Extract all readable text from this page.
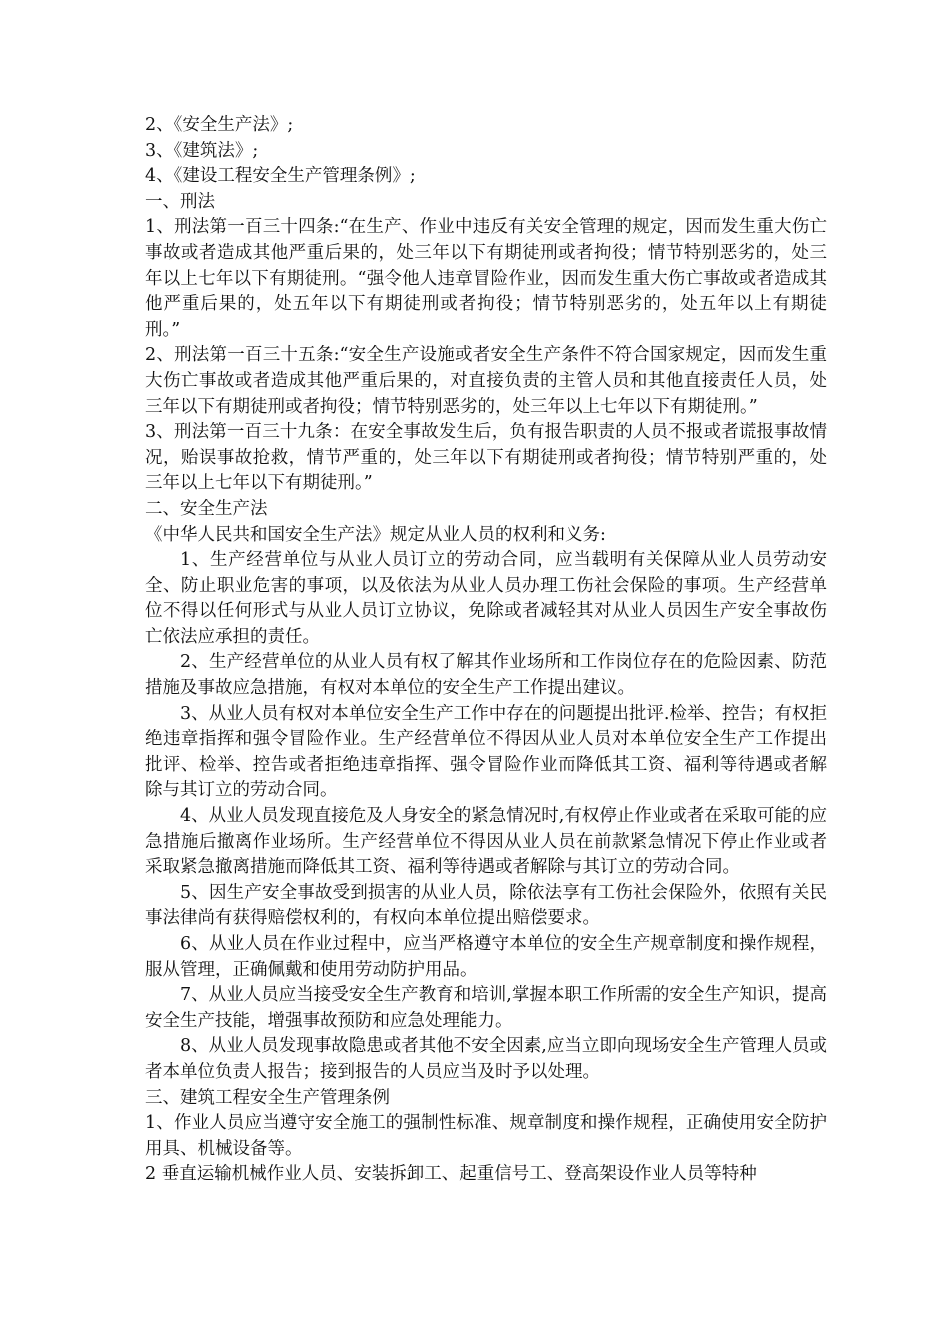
2、《安全生产法》;

3、《建筑法》;

4、《建设工程安全生产管理条例》;

一、刑法

1、刑法第一百三十四条:“在生产、作业中违反有关安全管理的规定，因而发生重大伤亡事故或者造成其他严重后果的，处三年以下有期徒刑或者拘役；情节特别恶劣的，处三年以上七年以下有期徒刑。“强令他人违章冒险作业，因而发生重大伤亡事故或者造成其他严重后果的，处五年以下有期徒刑或者拘役；情节特别恶劣的，处五年以上有期徒刑。”

2、刑法第一百三十五条:“安全生产设施或者安全生产条件不符合国家规定，因而发生重大伤亡事故或者造成其他严重后果的，对直接负责的主管人员和其他直接责任人员，处三年以下有期徒刑或者拘役；情节特别恶劣的，处三年以上七年以下有期徒刑。”

3、刑法第一百三十九条：在安全事故发生后，负有报告职责的人员不报或者谎报事故情况，贻误事故抢救，情节严重的，处三年以下有期徒刑或者拘役；情节特别严重的，处三年以上七年以下有期徒刑。”

二、安全生产法

《中华人民共和国安全生产法》规定从业人员的权利和义务:

1、生产经营单位与从业人员订立的劳动合同，应当载明有关保障从业人员劳动安全、防止职业危害的事项，以及依法为从业人员办理工伤社会保险的事项。生产经营单位不得以任何形式与从业人员订立协议，免除或者减轻其对从业人员因生产安全事故伤亡依法应承担的责任。

2、生产经营单位的从业人员有权了解其作业场所和工作岗位存在的危险因素、防范措施及事故应急措施，有权对本单位的安全生产工作提出建议。

3、从业人员有权对本单位安全生产工作中存在的问题提出批评.检举、控告；有权拒绝违章指挥和强令冒险作业。生产经营单位不得因从业人员对本单位安全生产工作提出批评、检举、控告或者拒绝违章指挥、强令冒险作业而降低其工资、福利等待遇或者解除与其订立的劳动合同。

4、从业人员发现直接危及人身安全的紧急情况时,有权停止作业或者在采取可能的应急措施后撤离作业场所。生产经营单位不得因从业人员在前款紧急情况下停止作业或者采取紧急撤离措施而降低其工资、福利等待遇或者解除与其订立的劳动合同。

5、因生产安全事故受到损害的从业人员，除依法享有工伤社会保险外，依照有关民事法律尚有获得赔偿权利的，有权向本单位提出赔偿要求。

6、从业人员在作业过程中，应当严格遵守本单位的安全生产规章制度和操作规程，服从管理，正确佩戴和使用劳动防护用品。

7、从业人员应当接受安全生产教育和培训,掌握本职工作所需的安全生产知识，提高安全生产技能，增强事故预防和应急处理能力。

8、从业人员发现事故隐患或者其他不安全因素,应当立即向现场安全生产管理人员或者本单位负责人报告；接到报告的人员应当及时予以处理。

三、建筑工程安全生产管理条例

1、作业人员应当遵守安全施工的强制性标准、规章制度和操作规程，正确使用安全防护用具、机械设备等。

2 垂直运输机械作业人员、安装拆卸工、起重信号工、登高架设作业人员等特种
